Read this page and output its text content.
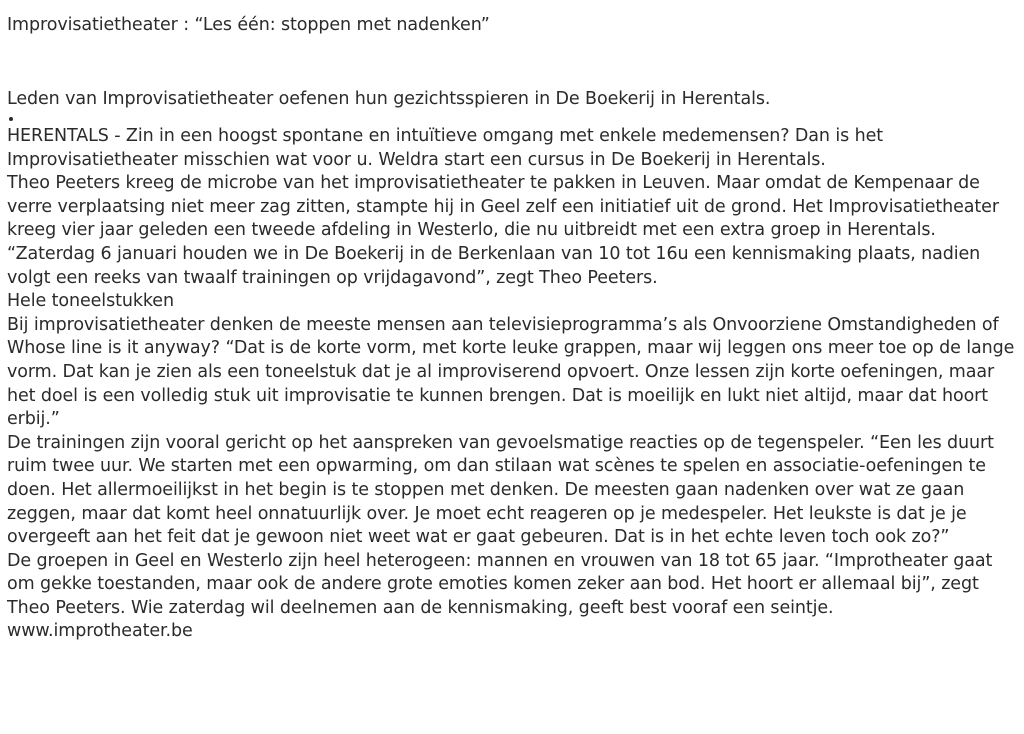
Improvisatietheater : “Les één: stoppen met nadenken”

Leden van Improvisatietheater oefenen hun gezichtsspieren in De Boekerij in Herentals.

•

HERENTALS - Zin in een hoogst spontane en intuïtieve omgang met enkele medemensen? Dan is het Improvisatietheater misschien wat voor u. Weldra start een cursus in De Boekerij in Herentals.

Theo Peeters kreeg de microbe van het improvisatietheater te pakken in Leuven. Maar omdat de Kempenaar de verre verplaatsing niet meer zag zitten, stampte hij in Geel zelf een initiatief uit de grond. Het Improvisatietheater kreeg vier jaar geleden een tweede afdeling in Westerlo, die nu uitbreidt met een extra groep in Herentals. “Zaterdag 6 januari houden we in De Boekerij in de Berkenlaan van 10 tot 16u een kennismaking plaats, nadien volgt een reeks van twaalf trainingen op vrijdagavond”, zegt Theo Peeters.

Hele toneelstukken

Bij improvisatietheater denken de meeste mensen aan televisieprogramma’s als Onvoorziene Omstandigheden of Whose line is it anyway? “Dat is de korte vorm, met korte leuke grappen, maar wij leggen ons meer toe op de lange vorm. Dat kan je zien als een toneelstuk dat je al improviserend opvoert. Onze lessen zijn korte oefeningen, maar het doel is een volledig stuk uit improvisatie te kunnen brengen. Dat is moeilijk en lukt niet altijd, maar dat hoort erbij.”

De trainingen zijn vooral gericht op het aanspreken van gevoelsmatige reacties op de tegenspeler. “Een les duurt ruim twee uur. We starten met een opwarming, om dan stilaan wat scènes te spelen en associatie-oefeningen te doen. Het allermoeilijkst in het begin is te stoppen met denken. De meesten gaan nadenken over wat ze gaan zeggen, maar dat komt heel onnatuurlijk over. Je moet echt reageren op je medespeler. Het leukste is dat je je overgeeft aan het feit dat je gewoon niet weet wat er gaat gebeuren. Dat is in het echte leven toch ook zo?”

De groepen in Geel en Westerlo zijn heel heterogeen: mannen en vrouwen van 18 tot 65 jaar. “Improtheater gaat om gekke toestanden, maar ook de andere grote emoties komen zeker aan bod. Het hoort er allemaal bij”, zegt Theo Peeters. Wie zaterdag wil deelnemen aan de kennismaking, geeft best vooraf een seintje.

www.improtheater.be
